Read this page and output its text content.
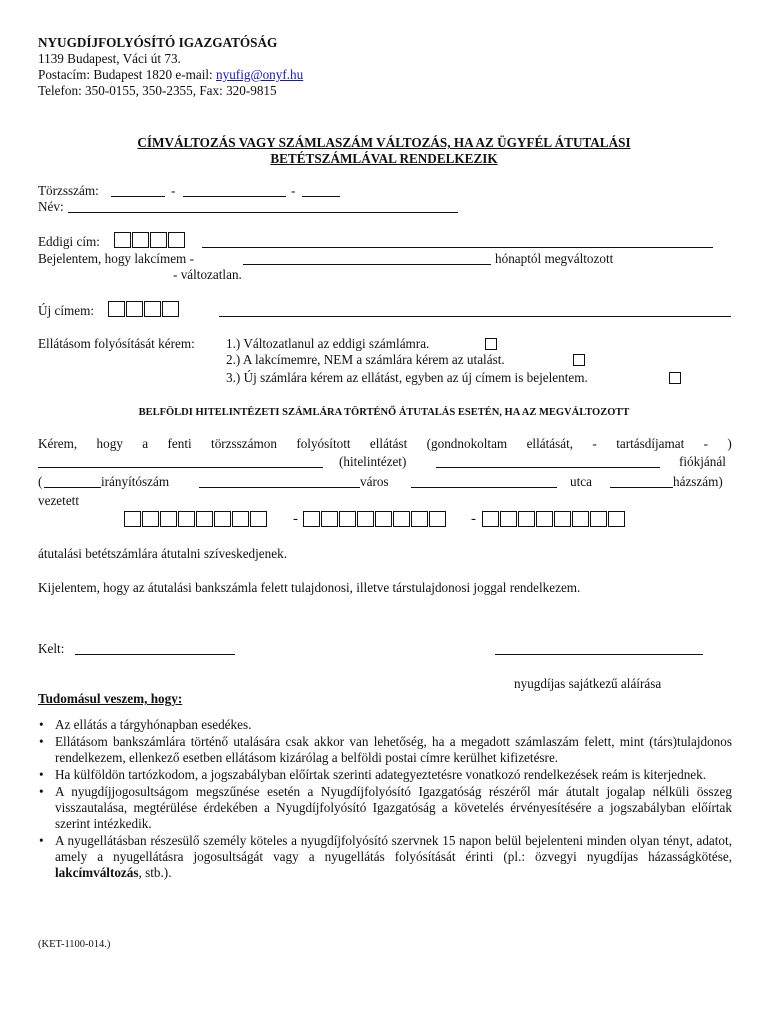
NYUGDÍJFOLYÓSÍTÓ IGAZGATÓSÁG
1139 Budapest, Váci út 73.
Postacím: Budapest 1820 e-mail: nyufig@onyf.hu
Telefon: 350-0155, 350-2355, Fax: 320-9815
CÍMVÁLTOZÁS VAGY SZÁMLASZÁM VÁLTOZÁS, HA AZ ÜGYFÉL ÁTUTALÁSI
BETÉTSZÁMLÁVAL RENDELKEZIK
Törzsszám:	-	-
Név:
Eddigi cím:
Bejelentem, hogy lakcímem -	hónaptól megváltozott
- változatlan.
Új címem:
Ellátásom folyósítását kérem: 1.) Változatlanul az eddigi számlámra.
2.) A lakcímemre, NEM a számlára kérem az utalást.
3.) Új számlára kérem az ellátást, egyben az új címem is bejelentem.
BELFÖLDI HITELINTÉZETI SZÁMLÁRA TÖRTÉNŐ ÁTUTALÁS ESETÉN, HA AZ MEGVÁLTOZOTT
Kérem, hogy a fenti törzsszámon folyósított ellátást (gondnokoltam ellátását, - tartásdíjamat - )
(hitelintézet)	fiókjánál
(	irányítószám	város	utca	házszám)
vezetett
-	-
átutalási betétszámlára átutalni szíveskedjenek.
Kijelentem, hogy az átutalási bankszámla felett tulajdonosi, illetve társtulajdonosi joggal rendelkezem.
Kelt:
nyugdíjas sajátkezű aláírása
Tudomásul veszem, hogy:
• Az ellátás a tárgyhónapban esedékes.
• Ellátásom bankszámlára történő utalására csak akkor van lehetőség, ha a megadott számlaszám felett, mint (társ)tulajdonos rendelkezem, ellenkező esetben ellátásom kizárólag a belföldi postai címre kerülhet kifizetésre.
• Ha külföldön tartózkodom, a jogszabályban előírtak szerinti adategyeztetésre vonatkozó rendelkezések reám is kiterjednek.
• A nyugdíjjogosultságom megszűnése esetén a Nyugdíjfolyósító Igazgatóság részéről már átutalt jogalap nélküli összeg visszautalása, megtérülése érdekében a Nyugdíjfolyósító Igazgatóság a követelés érvényesítésére a jogszabályban előírtak szerint intézkedik.
• A nyugellátásban részesülő személy köteles a nyugdíjfolyósító szervnek 15 napon belül bejelenteni minden olyan tényt, adatot, amely a nyugellátásra jogosultságát vagy a nyugellátás folyósítását érinti (pl.: özvegyi nyugdíjas házasságkötése, lakcímváltozás, stb.).
(KET-1100-014.)
